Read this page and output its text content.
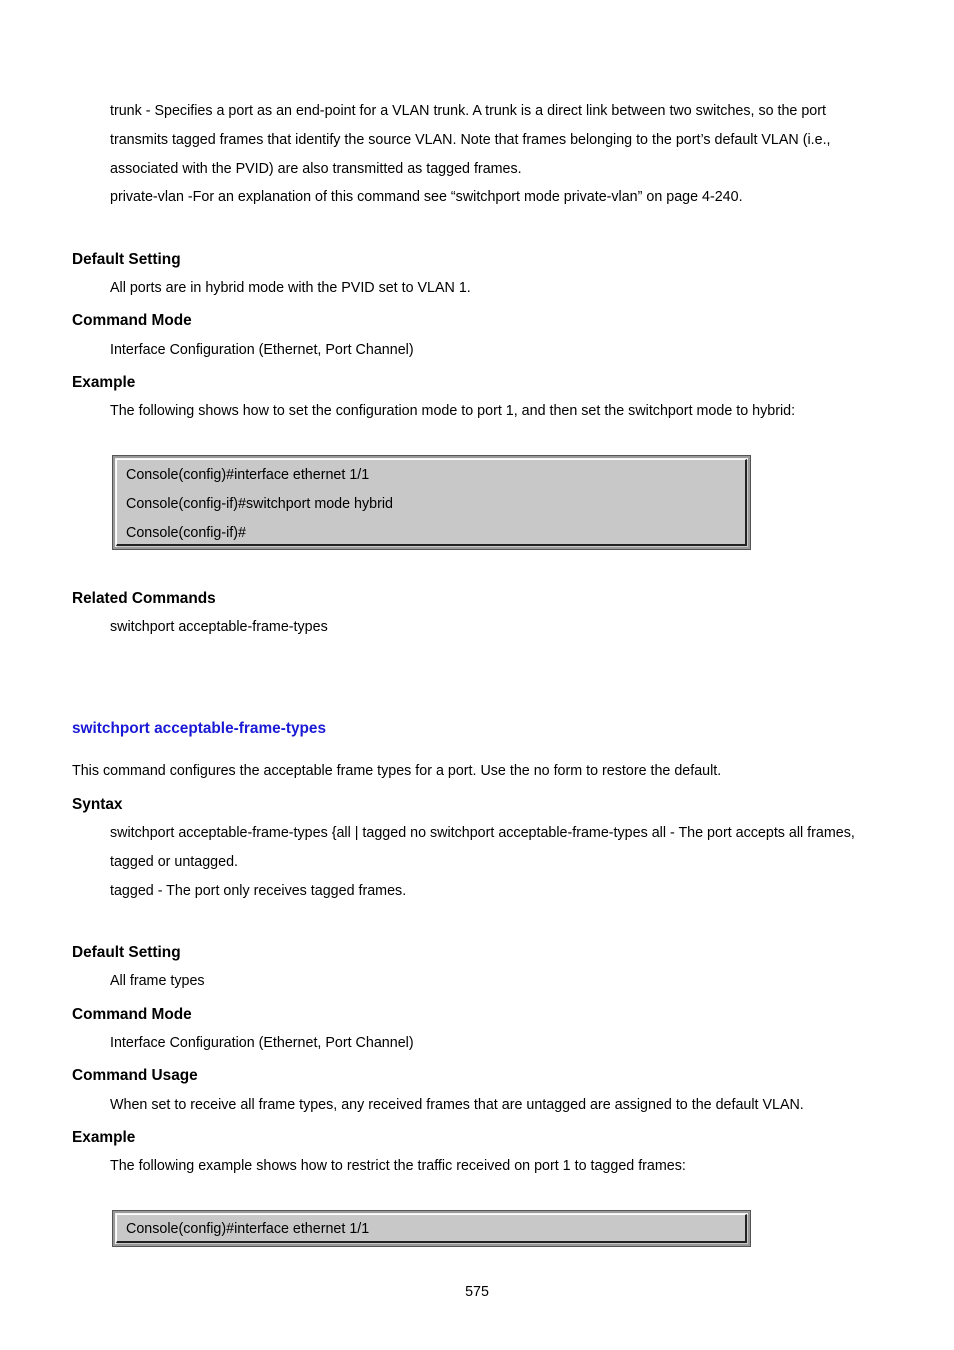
trunk - Specifies a port as an end-point for a VLAN trunk. A trunk is a direct link between two switches, so the port
transmits tagged frames that identify the source VLAN. Note that frames belonging to the port’s default VLAN (i.e.,
associated with the PVID) are also transmitted as tagged frames.
private-vlan -For an explanation of this command see “switchport mode private-vlan” on page 4-240.
Default Setting
All ports are in hybrid mode with the PVID set to VLAN 1.
Command Mode
Interface Configuration (Ethernet, Port Channel)
Example
The following shows how to set the configuration mode to port 1, and then set the switchport mode to hybrid:
Console(config)#interface ethernet 1/1
Console(config-if)#switchport mode hybrid
Console(config-if)#
Related Commands
switchport acceptable-frame-types
switchport acceptable-frame-types
This command configures the acceptable frame types for a port. Use the no form to restore the default.
Syntax
switchport acceptable-frame-types {all | tagged no switchport acceptable-frame-types all - The port accepts all frames,
tagged or untagged.
tagged - The port only receives tagged frames.
Default Setting
All frame types
Command Mode
Interface Configuration (Ethernet, Port Channel)
Command Usage
When set to receive all frame types, any received frames that are untagged are assigned to the default VLAN.
Example
The following example shows how to restrict the traffic received on port 1 to tagged frames:
Console(config)#interface ethernet 1/1
575
